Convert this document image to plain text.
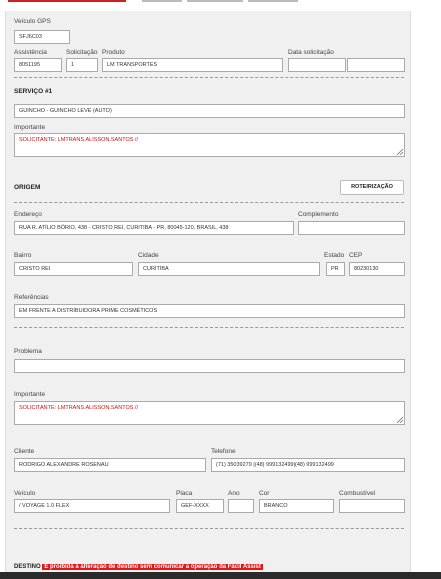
Veículo GPS
SFJ6C03
Assistência
8051195
Solicitação
1
Produto
LM TRANSPORTES
Data solicitação
SERVIÇO #1
GUINCHO - GUINCHO LEVE (AUTO)
Importante
SOLICITANTE: LMTRANS.ALISSON.SANTOS //
ORIGEM	ROTEIRIZAÇÃO
Endereço
RUA R. ATÍLIO BÓRIO, 438 - CRISTO REI, CURITIBA - PR, 80045-120, BRASIL, 438
Complemento
Bairro
CRISTO REI
Cidade
CURITIBA
Estado
PR
CEP
80230130
Referências
EM FRENTE A DISTRIBUIDORA PRIME COSMÉTICOS
Problema
Importante
SOLICITANTE: LMTRANS.ALISSON.SANTOS //
Cliente
RODRIGO ALEXANDRE ROSENAU
Telefone
(71) 35039279 |(48) 999132499|(48) 999132499
Veículo
/ VOYAGE 1.0 FLEX
Placa
GEF-XXXX
Ano	Cor
BRANCO
Combustível
DESTINO É proibida a alteração de destino sem comunicar a operação da Fácil Assist
